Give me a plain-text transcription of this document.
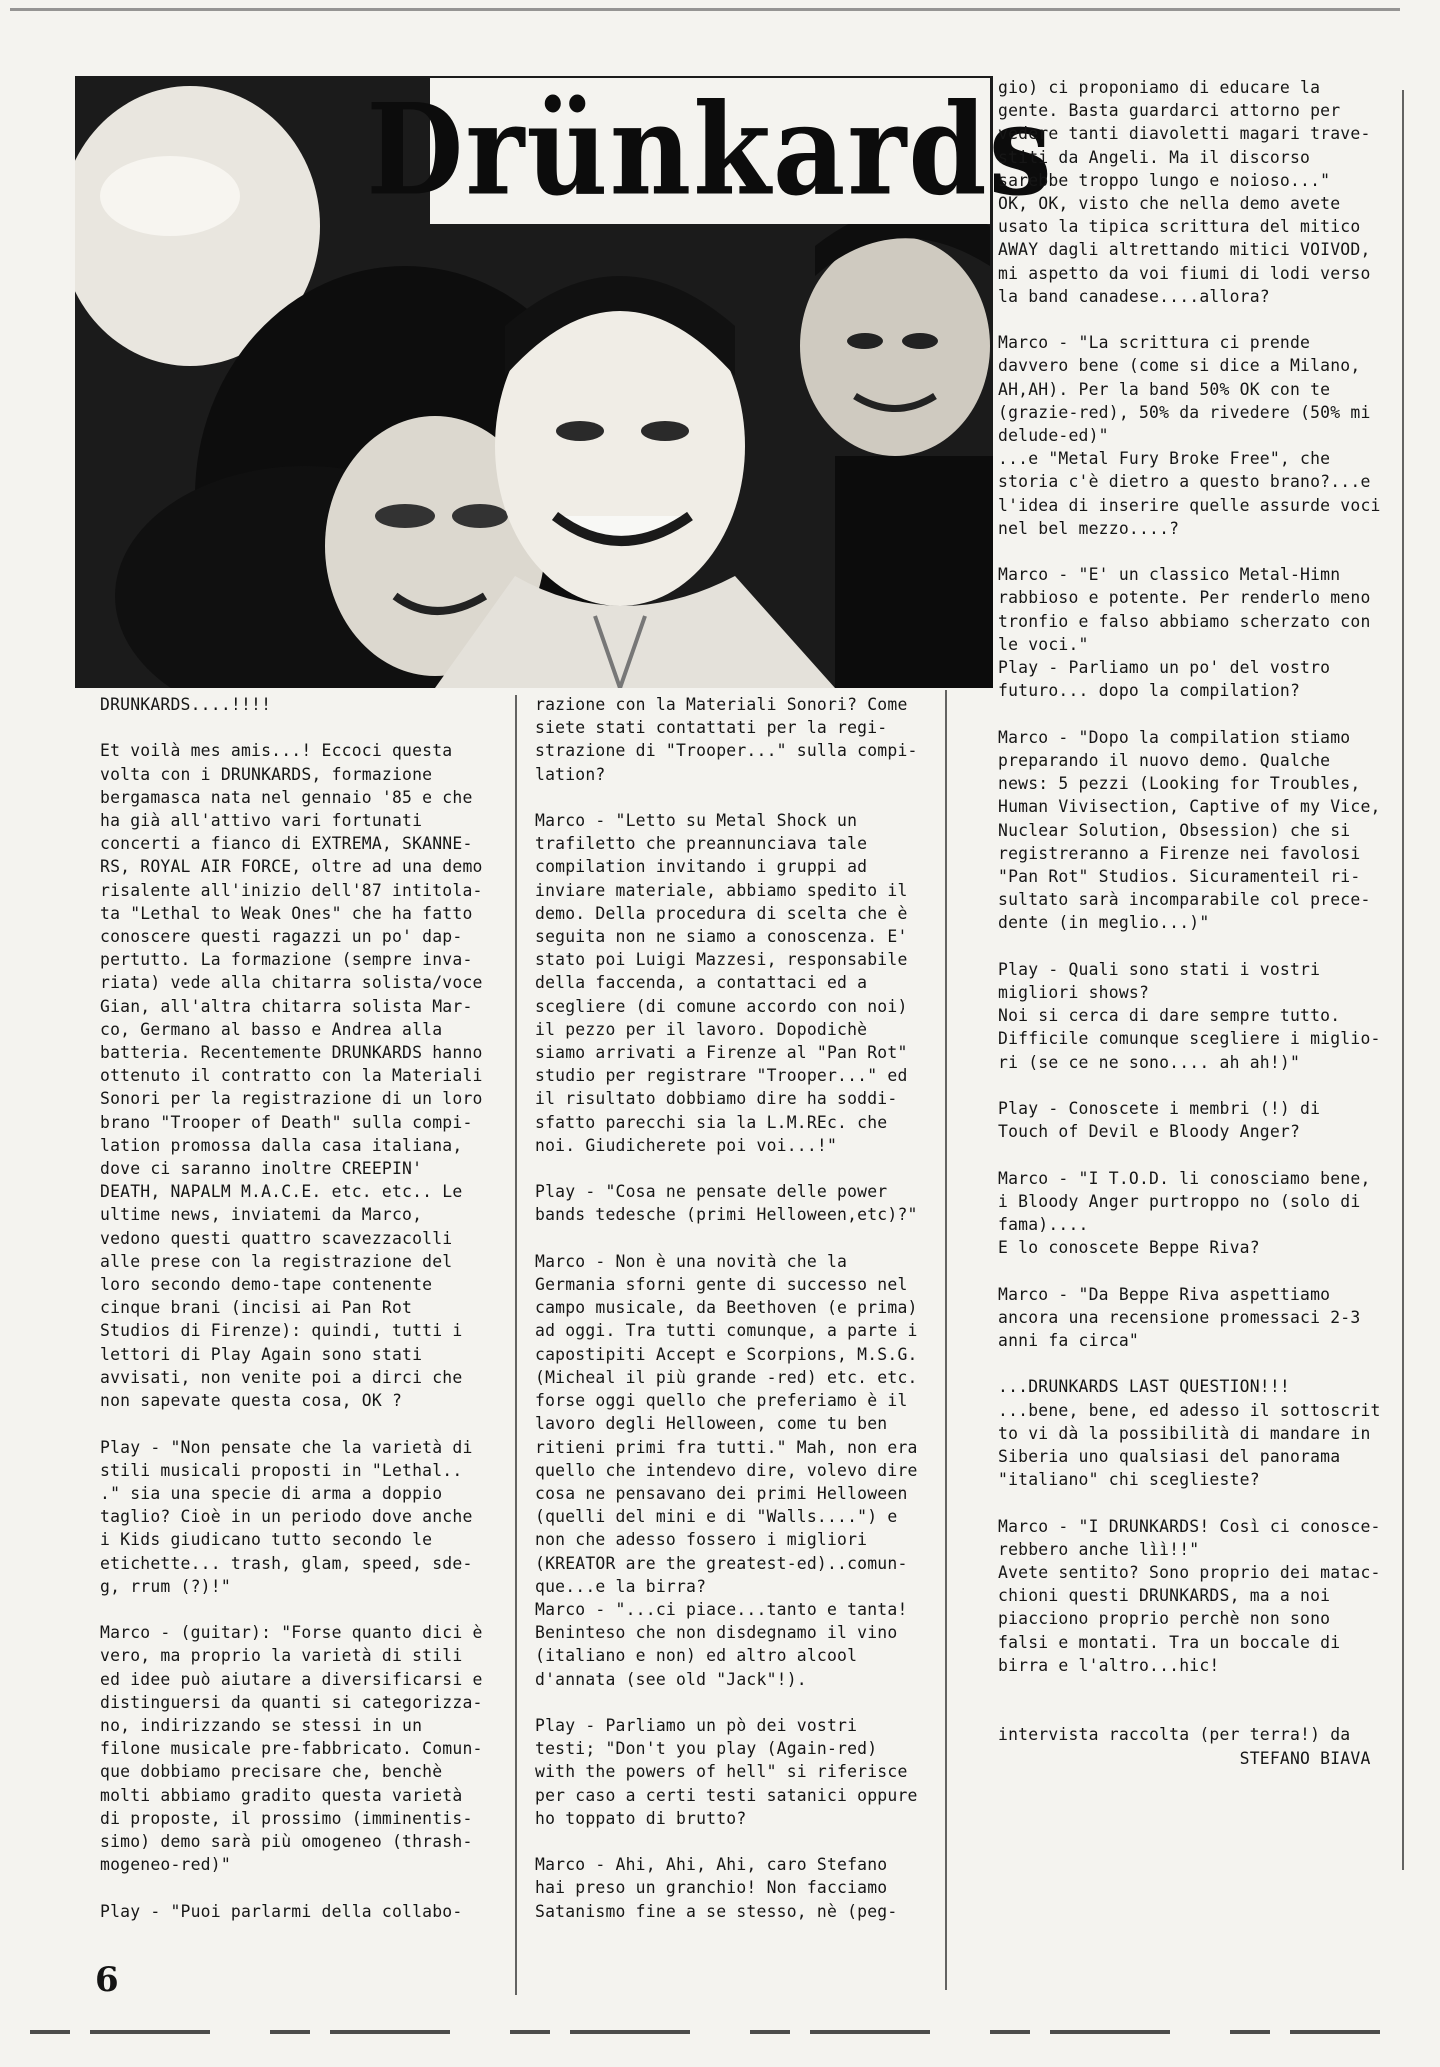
Drünkards
DRUNKARDS....!!!!

Et voilà mes amis...! Eccoci questa
volta con i DRUNKARDS, formazione
bergamasca nata nel gennaio '85 e che
ha già all'attivo vari fortunati
concerti a fianco di EXTREMA, SKANNE-
RS, ROYAL AIR FORCE, oltre ad una demo
risalente all'inizio dell'87 intitola-
ta "Lethal to Weak Ones" che ha fatto
conoscere questi ragazzi un po' dap-
pertutto. La formazione (sempre inva-
riata) vede alla chitarra solista/voce
Gian, all'altra chitarra solista Mar-
co, Germano al basso e Andrea alla
batteria. Recentemente DRUNKARDS hanno
ottenuto il contratto con la Materiali
Sonori per la registrazione di un loro
brano "Trooper of Death" sulla compi-
lation promossa dalla casa italiana,
dove ci saranno inoltre CREEPIN'
DEATH, NAPALM M.A.C.E. etc. etc.. Le
ultime news, inviatemi da Marco,
vedono questi quattro scavezzacolli
alle prese con la registrazione del
loro secondo demo-tape contenente
cinque brani (incisi ai Pan Rot
Studios di Firenze): quindi, tutti i
lettori di Play Again sono stati
avvisati, non venite poi a dirci che
non sapevate questa cosa, OK ?

Play - "Non pensate che la varietà di
stili musicali proposti in "Lethal..
." sia una specie di arma a doppio
taglio? Cioè in un periodo dove anche
i Kids giudicano tutto secondo le
etichette... trash, glam, speed, sde-
g, rrum (?)!"

Marco - (guitar): "Forse quanto dici è
vero, ma proprio la varietà di stili
ed idee può aiutare a diversificarsi e
distinguersi da quanti si categorizza-
no, indirizzando se stessi in un
filone musicale pre-fabbricato. Comun-
que dobbiamo precisare che, benchè
molti abbiamo gradito questa varietà
di proposte, il prossimo (imminentis-
simo) demo sarà più omogeneo (thrash-
mogeneo-red)"

Play - "Puoi parlarmi della collabo-
razione con la Materiali Sonori? Come
siete stati contattati per la regi-
strazione di "Trooper..." sulla compi-
lation?

Marco - "Letto su Metal Shock un
trafiletto che preannunciava tale
compilation invitando i gruppi ad
inviare materiale, abbiamo spedito il
demo. Della procedura di scelta che è
seguita non ne siamo a conoscenza. E'
stato poi Luigi Mazzesi, responsabile
della faccenda, a contattaci ed a
scegliere (di comune accordo con noi)
il pezzo per il lavoro. Dopodichè
siamo arrivati a Firenze al "Pan Rot"
studio per registrare "Trooper..." ed
il risultato dobbiamo dire ha soddi-
sfatto parecchi sia la L.M.REc. che
noi. Giudicherete poi voi...!"

Play - "Cosa ne pensate delle power
bands tedesche (primi Helloween,etc)?"

Marco - Non è una novità che la
Germania sforni gente di successo nel
campo musicale, da Beethoven (e prima)
ad oggi. Tra tutti comunque, a parte i
capostipiti Accept e Scorpions, M.S.G.
(Micheal il più grande -red) etc. etc.
forse oggi quello che preferiamo è il
lavoro degli Helloween, come tu ben
ritieni primi fra tutti." Mah, non era
quello che intendevo dire, volevo dire
cosa ne pensavano dei primi Helloween
(quelli del mini e di "Walls....") e
non che adesso fossero i migliori
(KREATOR are the greatest-ed)..comun-
que...e la birra?
Marco - "...ci piace...tanto e tanta!
Beninteso che non disdegnamo il vino
(italiano e non) ed altro alcool
d'annata (see old "Jack"!).

Play - Parliamo un pò dei vostri
testi; "Don't you play (Again-red)
with the powers of hell" si riferisce
per caso a certi testi satanici oppure
ho toppato di brutto?

Marco - Ahi, Ahi, Ahi, caro Stefano
hai preso un granchio! Non facciamo
Satanismo fine a se stesso, nè (peg-
gio) ci proponiamo di educare la
gente. Basta guardarci attorno per
vedere tanti diavoletti magari trave-
stiti da Angeli. Ma il discorso
sarebbe troppo lungo e noioso..."
OK, OK, visto che nella demo avete
usato la tipica scrittura del mitico
AWAY dagli altrettando mitici VOIVOD,
mi aspetto da voi fiumi di lodi verso
la band canadese....allora?

Marco - "La scrittura ci prende
davvero bene (come si dice a Milano,
AH,AH). Per la band 50% OK con te
(grazie-red), 50% da rivedere (50% mi
delude-ed)"
...e "Metal Fury Broke Free", che
storia c'è dietro a questo brano?...e
l'idea di inserire quelle assurde voci
nel bel mezzo....?

Marco - "E' un classico Metal-Himn
rabbioso e potente. Per renderlo meno
tronfio e falso abbiamo scherzato con
le voci."
Play - Parliamo un po' del vostro
futuro... dopo la compilation?

Marco - "Dopo la compilation stiamo
preparando il nuovo demo. Qualche
news: 5 pezzi (Looking for Troubles,
Human Vivisection, Captive of my Vice,
Nuclear Solution, Obsession) che si
registreranno a Firenze nei favolosi
"Pan Rot" Studios. Sicuramenteil ri-
sultato sarà incomparabile col prece-
dente (in meglio...)"

Play - Quali sono stati i vostri
migliori shows?
Noi si cerca di dare sempre tutto.
Difficile comunque scegliere i miglio-
ri (se ce ne sono.... ah ah!)"

Play - Conoscete i membri (!) di
Touch of Devil e Bloody Anger?

Marco - "I T.O.D. li conosciamo bene,
i Bloody Anger purtroppo no (solo di
fama)....
E lo conoscete Beppe Riva?

Marco - "Da Beppe Riva aspettiamo
ancora una recensione promessaci 2-3
anni fa circa"

...DRUNKARDS LAST QUESTION!!!
...bene, bene, ed adesso il sottoscrit
to vi dà la possibilità di mandare in
Siberia uno qualsiasi del panorama
"italiano" chi sceglieste?

Marco - "I DRUNKARDS! Così ci conosce-
rebbero anche lìì!!"
Avete sentito? Sono proprio dei matac-
chioni questi DRUNKARDS, ma a noi
piacciono proprio perchè non sono
falsi e montati. Tra un boccale di
birra e l'altro...hic!

intervista raccolta (per terra!) da
STEFANO BIAVA
6
